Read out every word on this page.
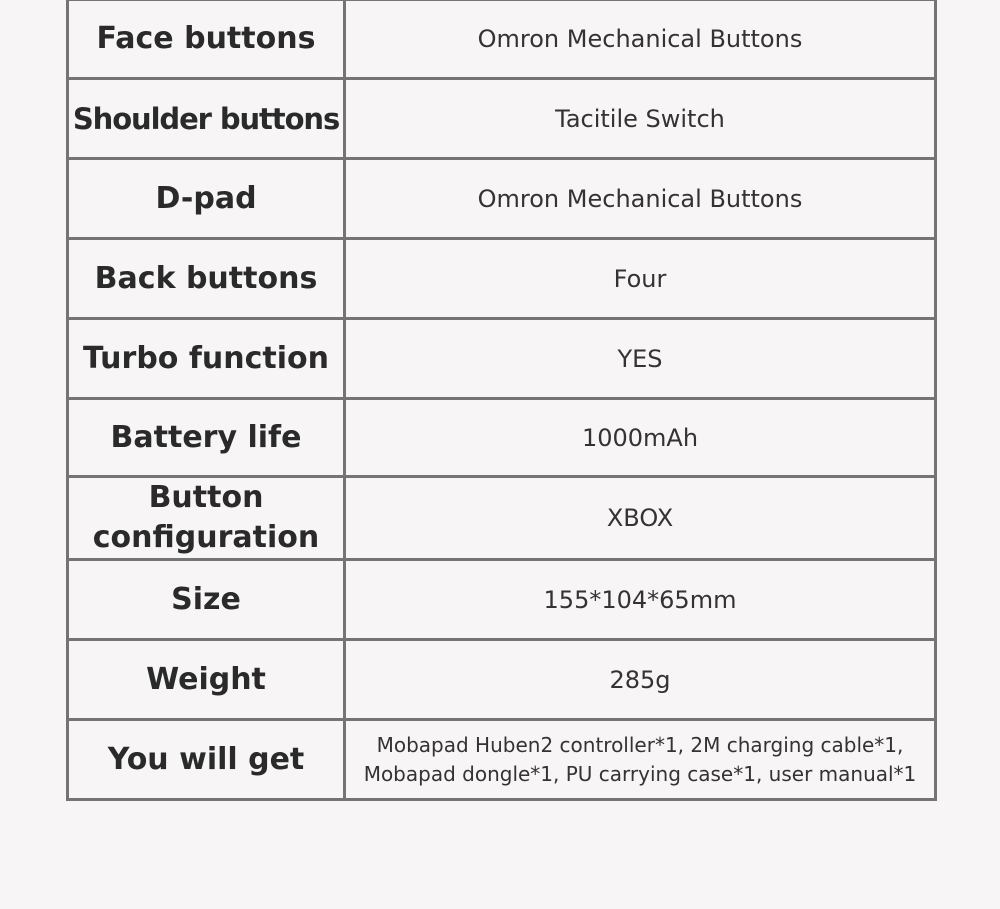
Face buttons	Omron Mechanical Buttons
Shoulder buttons	Tacitile Switch
D-pad	Omron Mechanical Buttons
Back buttons	Four
Turbo function	YES
Battery life	1000mAh

Button
configuration	XBOX
Size	155*104*65mm
Weight	285g
You will get	Mobapad Huben2 controller*1, 2M charging cable*1,
Mobapad dongle*1, PU carrying case*1, user manual*1
